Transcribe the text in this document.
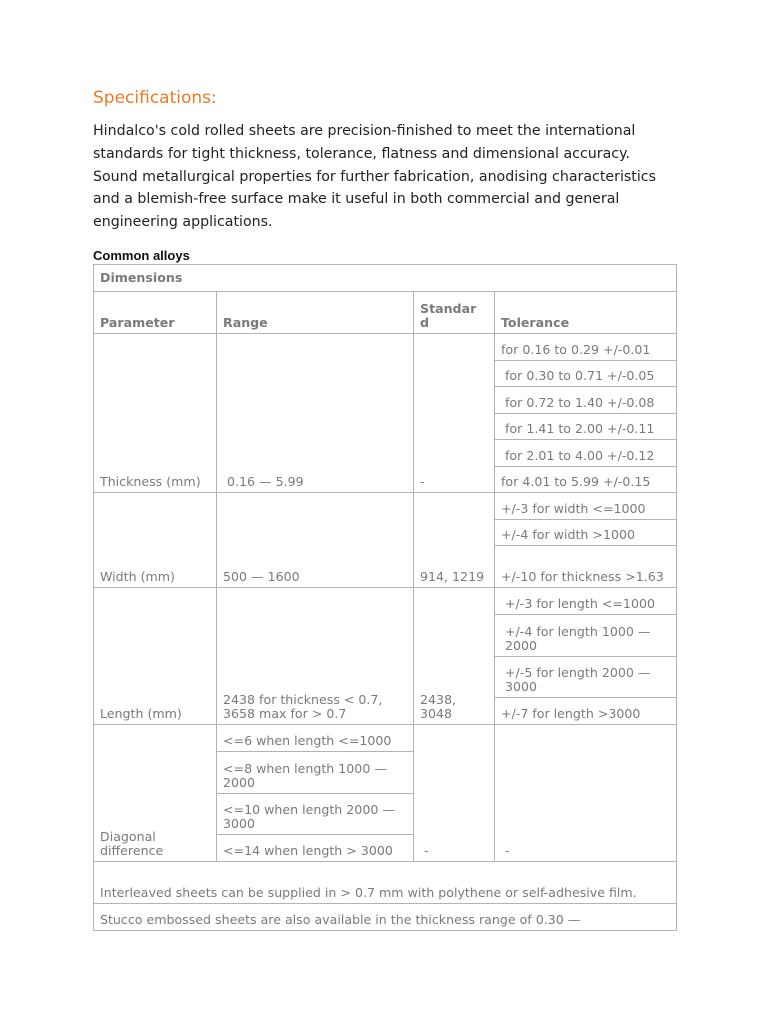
Specifications:

Hindalco's cold rolled sheets are precision-finished to meet the international standards for tight thickness, tolerance, flatness and dimensional accuracy. Sound metallurgical properties for further fabrication, anodising characteristics and a blemish-free surface make it useful in both commercial and general engineering applications.

Common alloys
Dimensions			
Parameter	Range	Standar d	Tolerance
Thickness (mm)	0.16 — 5.99	-	for 0.16 to 0.29 +/-0.01
			for 0.30 to 0.71 +/-0.05
			for 0.72 to 1.40 +/-0.08
			for 1.41 to 2.00 +/-0.11
			for 2.01 to 4.00 +/-0.12
			for 4.01 to 5.99 +/-0.15
Width (mm)	500 — 1600	914, 1219	+/-3 for width <=1000
			+/-4 for width >1000
			+/-10 for thickness >1.63
Length (mm)	2438 for thickness < 0.7, 3658 max for > 0.7	2438, 3048	+/-3 for length <=1000
			+/-4 for length 1000 — 2000
			+/-5 for length 2000 — 3000
			+/-7 for length >3000
Diagonal difference	<=6 when length <=1000	-	-
	<=8 when length 1000 — 2000		
	<=10 when length 2000 — 3000		
	<=14 when length > 3000		
Interleaved sheets can be supplied in > 0.7 mm with polythene or self-adhesive film.			
Stucco embossed sheets are also available in the thickness range of 0.30 —			
